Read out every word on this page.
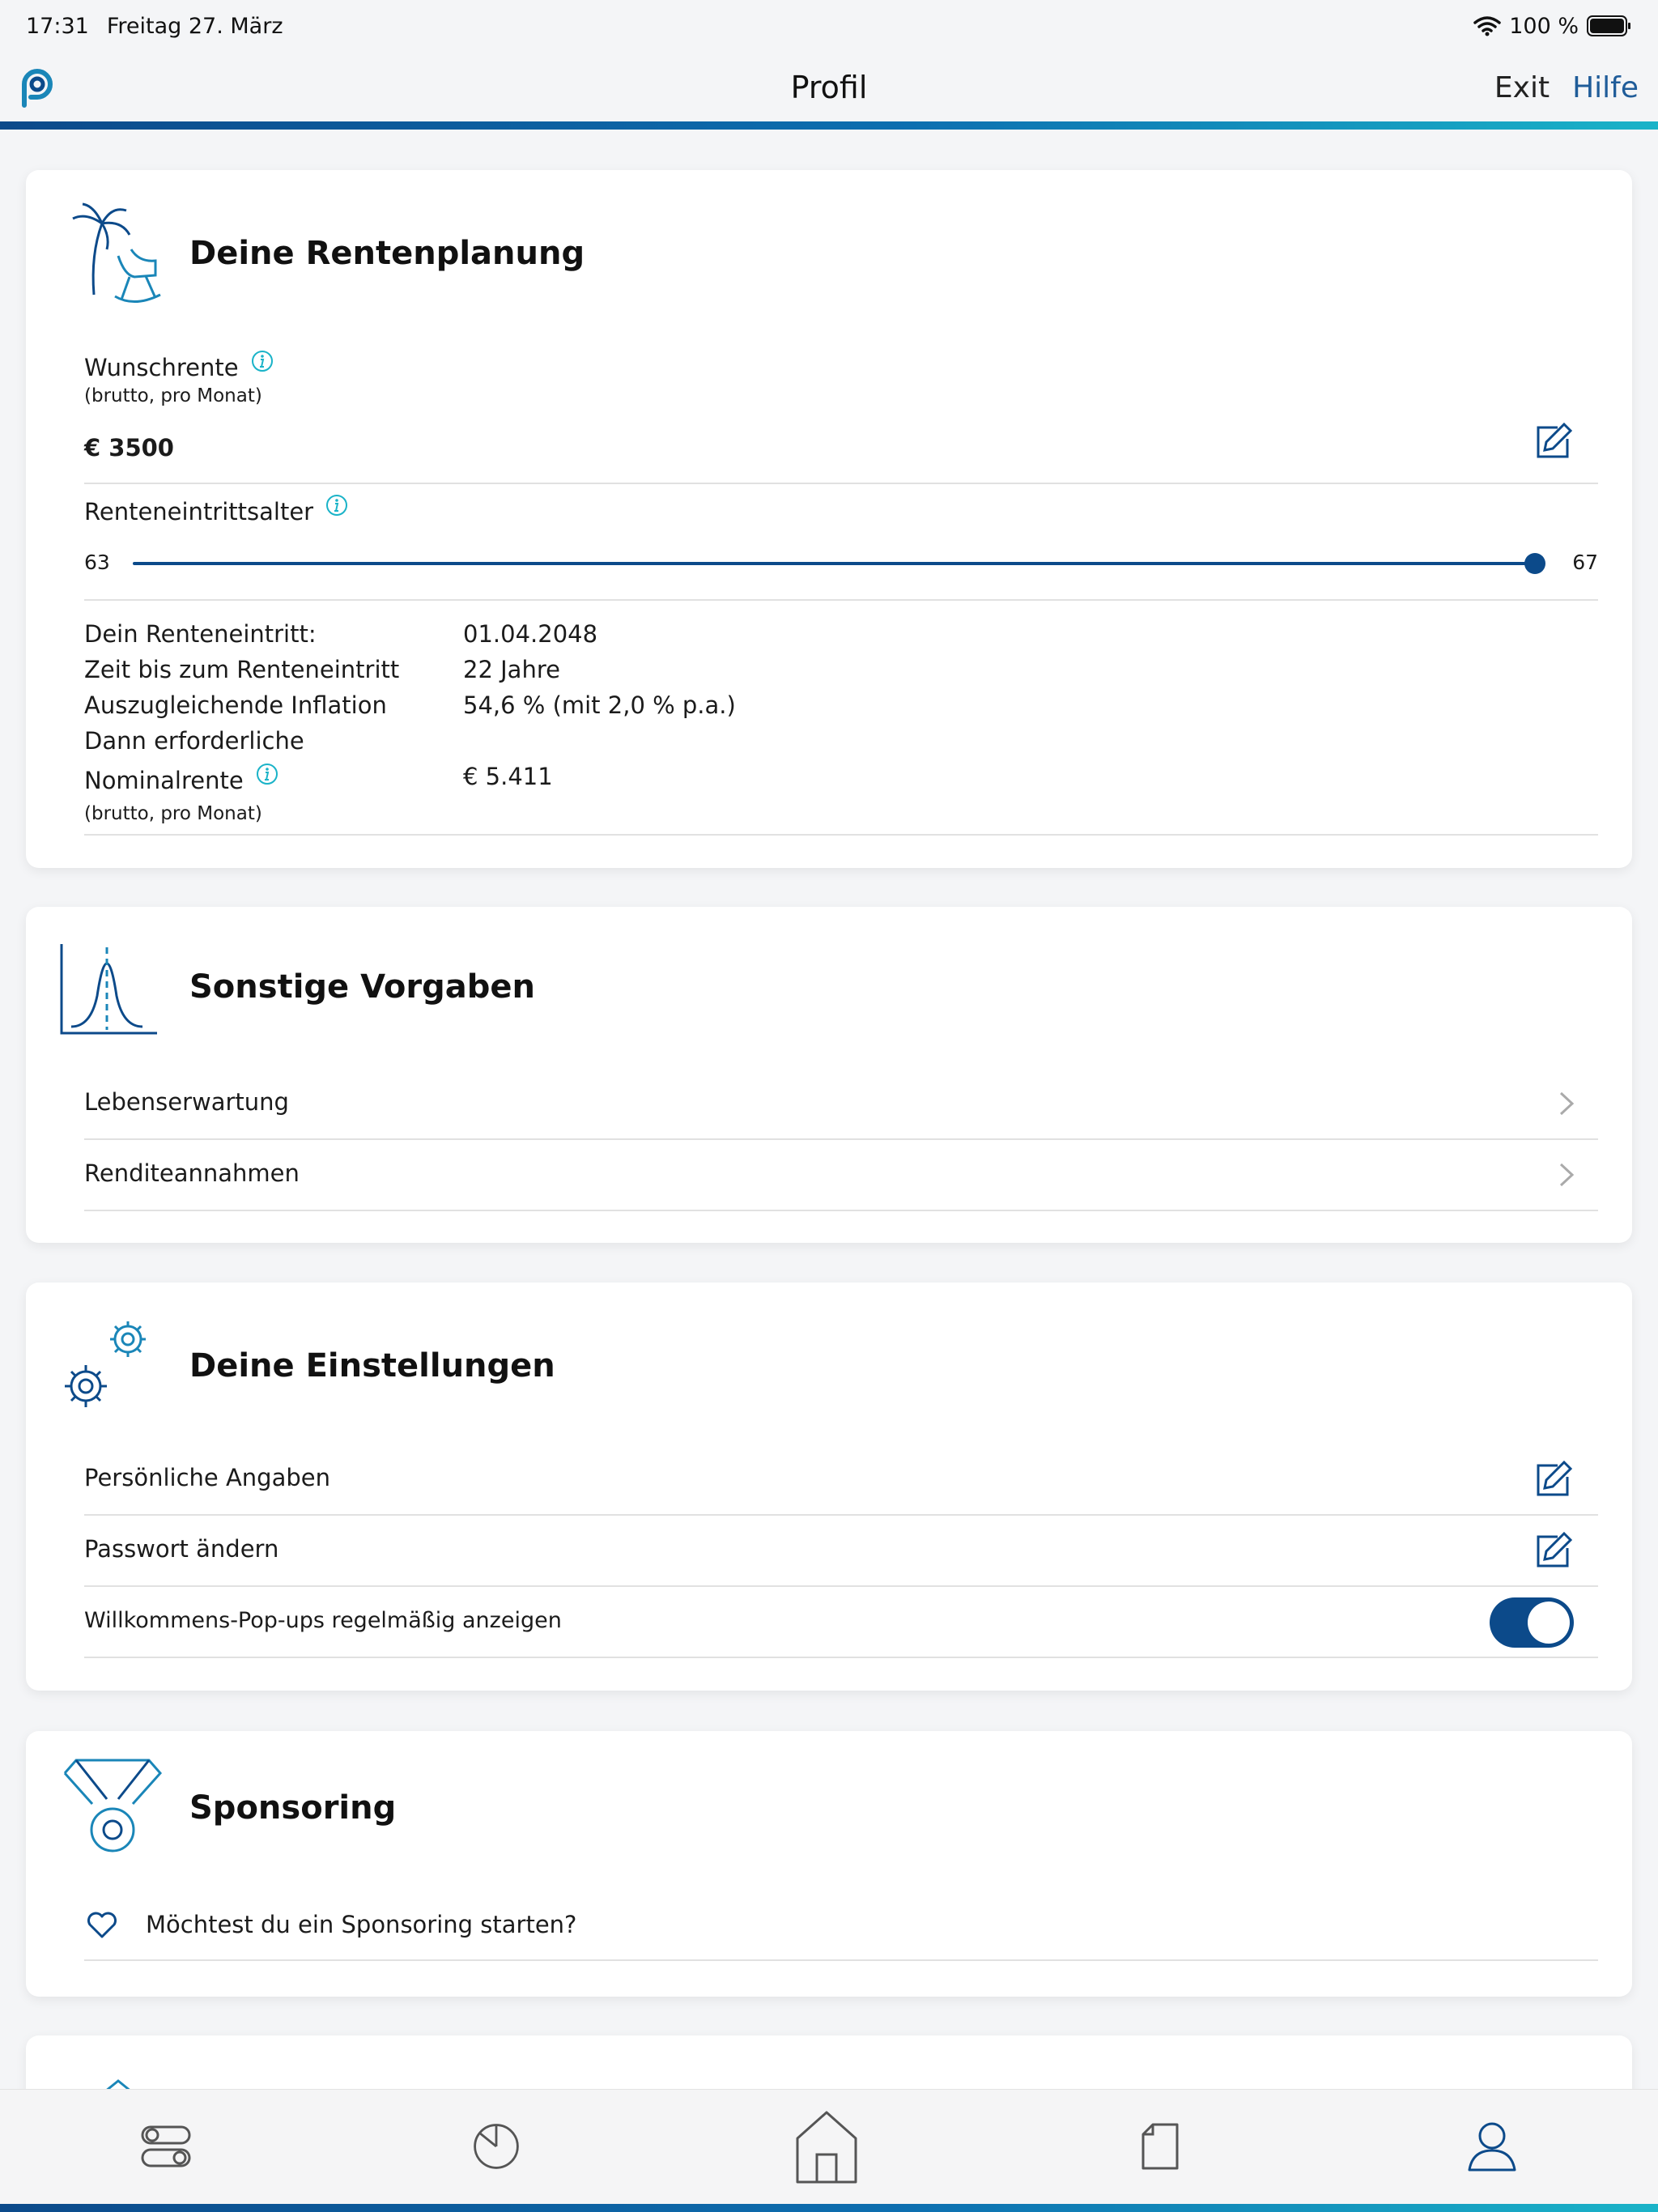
17:31 Freitag 27. März	100 %
Profil	Exit Hilfe
Deine Rentenplanung
Wunschrente
(brutto, pro Monat)
€ 3500
Renteneintrittsalter
63	67
Dein Renteneintritt:	01.04.2048
Zeit bis zum Renteneintritt	22 Jahre
Auszugleichende Inflation	54,6 % (mit 2,0 % p.a.)
Dann erforderliche
Nominalrente	€ 5.411
(brutto, pro Monat)
Sonstige Vorgaben
Lebenserwartung
Renditeannahmen
Deine Einstellungen
Persönliche Angaben
Passwort ändern
Willkommens-Pop-ups regelmäßig anzeigen
Sponsoring
Möchtest du ein Sponsoring starten?
